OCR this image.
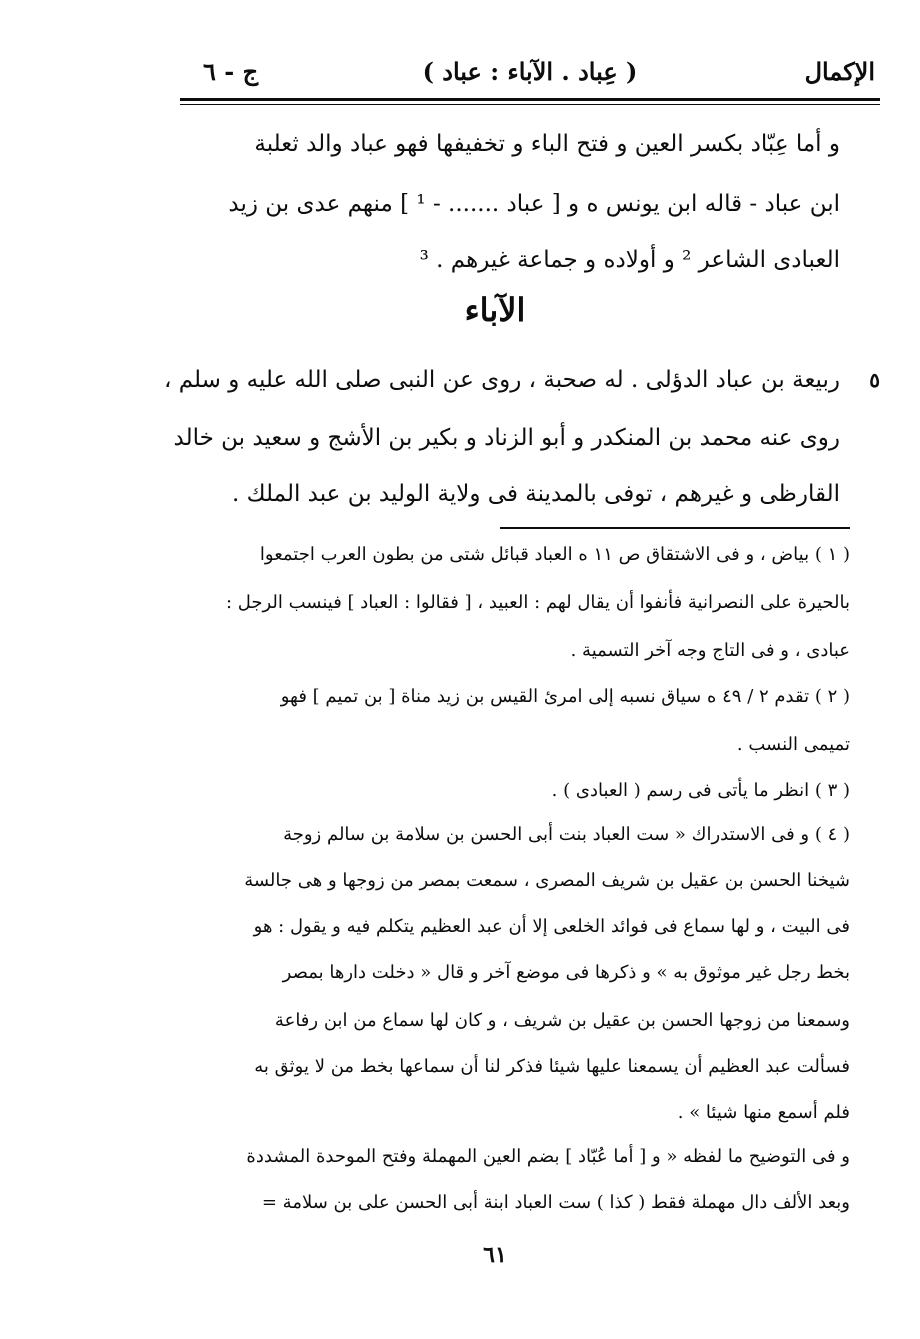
الإكمال
( عِباد . الآباء : عباد )
ج - ٦
و أما عِبّاد بكسر العين و فتح الباء و تخفيفها فهو عباد والد ثعلبة
ابن عباد - قاله ابن يونس ه و [ عباد ....... - ¹ ] منهم عدى بن زيد
العبادى الشاعر ² و أولاده و جماعة غيرهم . ³
الآباء
٥
ربيعة بن عباد الدؤلى . له صحبة ، روى عن النبى صلى الله عليه و سلم ،
روى عنه محمد بن المنكدر و أبو الزناد و بكير بن الأشج و سعيد بن خالد
القارظى و غيرهم ، توفى بالمدينة فى ولاية الوليد بن عبد الملك .
( ١ ) بياض ، و فى الاشتقاق ص ١١ ه العباد قبائل شتى من بطون العرب اجتمعوا
بالحيرة على النصرانية فأنفوا أن يقال لهم : العبيد ، [ فقالوا : العباد ] فينسب الرجل :
عبادى ، و فى التاج وجه آخر التسمية .
( ٢ ) تقدم ٢ / ٤٩ ه سياق نسبه إلى امرئ القيس بن زيد مناة [ بن تميم ] فهو
تميمى النسب .
( ٣ ) انظر ما يأتى فى رسم ( العبادى ) .
( ٤ ) و فى الاستدراك « ست العباد بنت أبى الحسن بن سلامة بن سالم زوجة
شيخنا الحسن بن عقيل بن شريف المصرى ، سمعت بمصر من زوجها و هى جالسة
فى البيت ، و لها سماع فى فوائد الخلعى إلا أن عبد العظيم يتكلم فيه و يقول : هو
بخط رجل غير موثوق به » و ذكرها فى موضع آخر و قال « دخلت دارها بمصر
وسمعنا من زوجها الحسن بن عقيل بن شريف ، و كان لها سماع من ابن رفاعة
فسألت عبد العظيم أن يسمعنا عليها شيئا فذكر لنا أن سماعها بخط من لا يوثق به
فلم أسمع منها شيئا » .
و فى التوضيح ما لفظه « و [ أما عُبّاد ] بضم العين المهملة وفتح الموحدة المشددة
وبعد الألف دال مهملة فقط ( كذا ) ست العباد ابنة أبى الحسن على بن سلامة =
٦١
